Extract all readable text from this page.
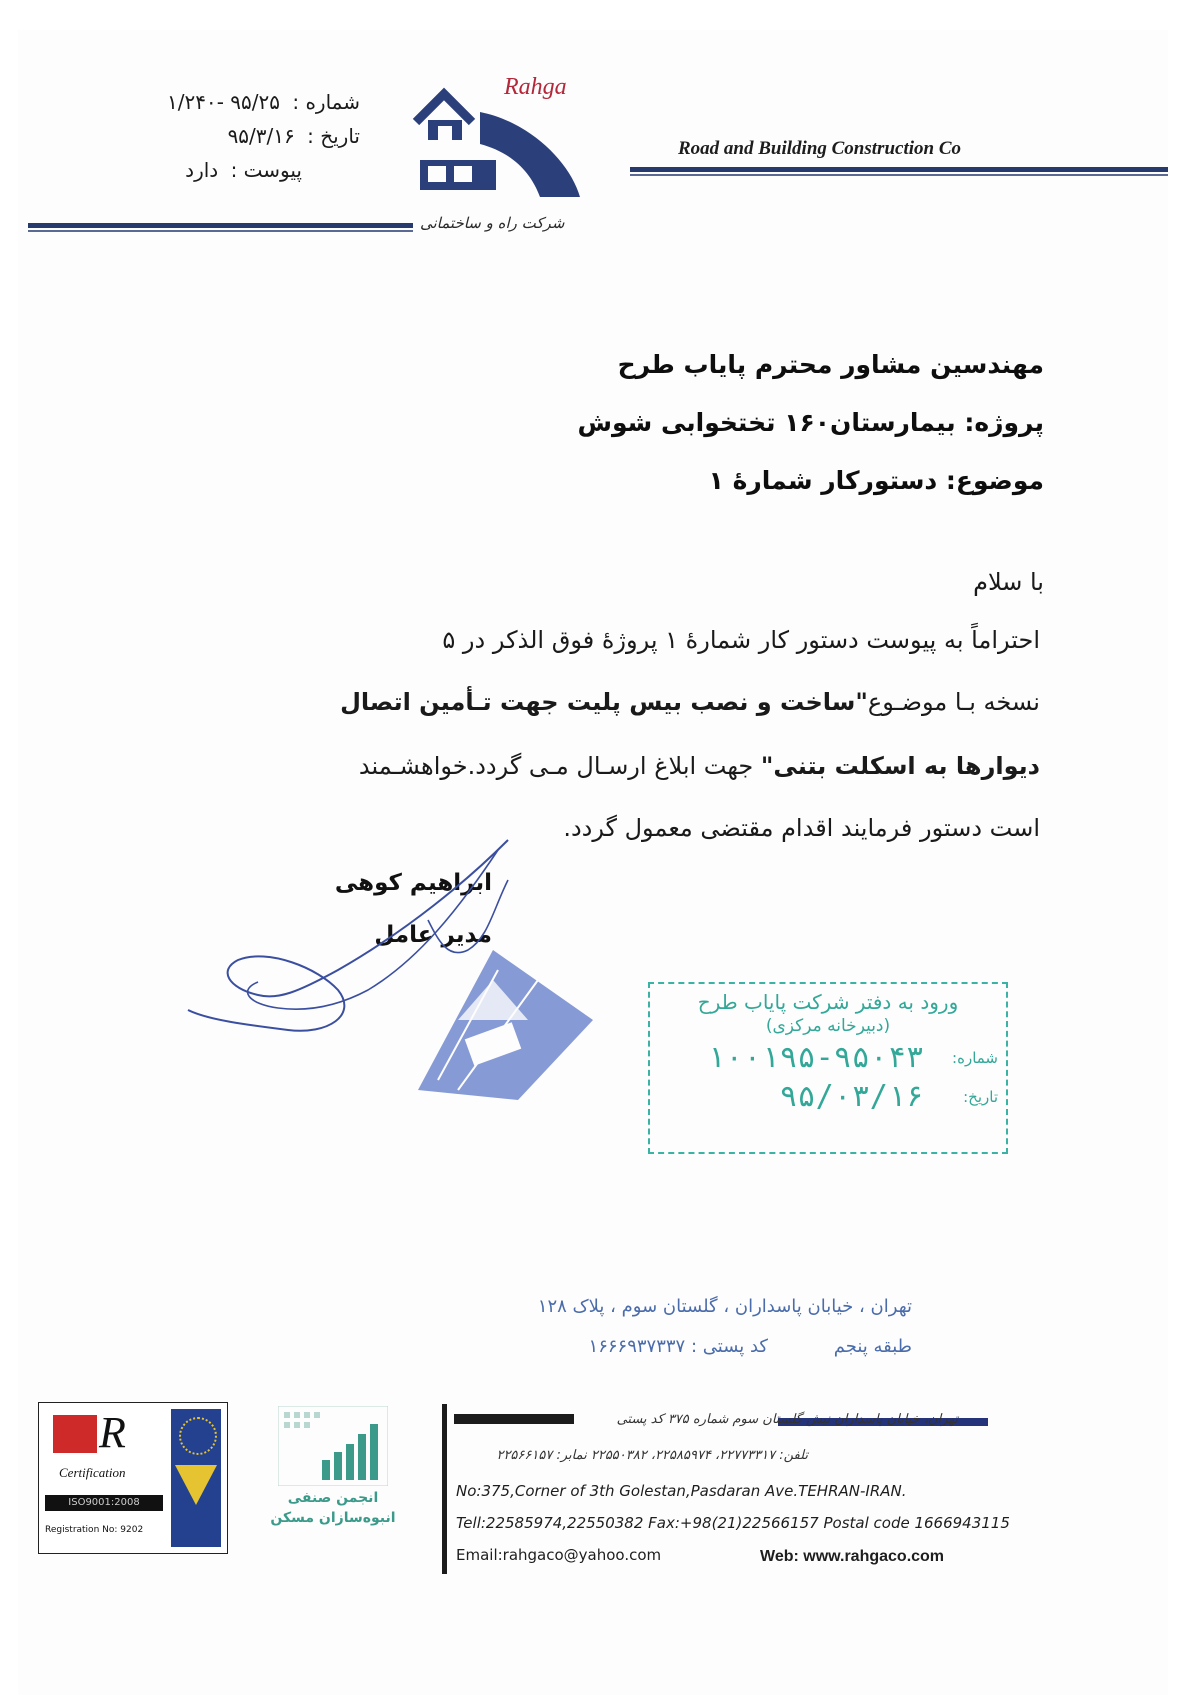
شماره : ۹۵/۲۵ -۱/۲۴۰
تاریخ : ۹۵/۳/۱۶
پیوست : دارد
Rahga
شرکت راه و ساختمانی
Road and Building Construction Co
مهندسین مشاور محترم پایاب طرح
پروژه: بیمارستان۱۶۰ تختخوابی شوش
موضوع: دستورکار شمارۀ ۱
با سلام
احتراماً به پیوست دستور کار شمارۀ ۱ پروژۀ فوق الذکر در ۵
نسخه بـا موضـوع"ساخت و نصب بیس پلیت جهت تـأمین اتصال
دیوارها به اسکلت بتنی" جهت ابلاغ ارسـال مـی گردد.خواهشـمند
است دستور فرمایند اقدام مقتضی معمول گردد.
ابراهیم کوهی
مدیر عامل
ورود به دفتر شرکت پایاب طرح
(دبیرخانه مرکزی)
شماره:
۱۰۰۱۹۵-۹۵۰۴۳
تاریخ:
۹۵/۰۳/۱۶
تهران ، خیابان پاسداران ، گلستان سوم ، پلاک ۱۲۸
طبقه پنجم
کد پستی : ۱۶۶۶۹۳۷۳۳۷
R
Certification
ISO9001:2008
Registration No: 9202
انجمن صنفی
انبوه‌سازان مسکن
تهران، خیابان پاسداران نبش گلستان سوم شماره ۳۷۵ کد پستی
تلفن: ۲۲۷۷۳۳۱۷، ۲۲۵۸۵۹۷۴، ۲۲۵۵۰۳۸۲ نمابر: ۲۲۵۶۶۱۵۷
No:375,Corner of 3th Golestan,Pasdaran Ave.TEHRAN-IRAN.
Tell:22585974,22550382 Fax:+98(21)22566157 Postal code 1666943115
Email:rahgaco@yahoo.com	Web: www.rahgaco.com
